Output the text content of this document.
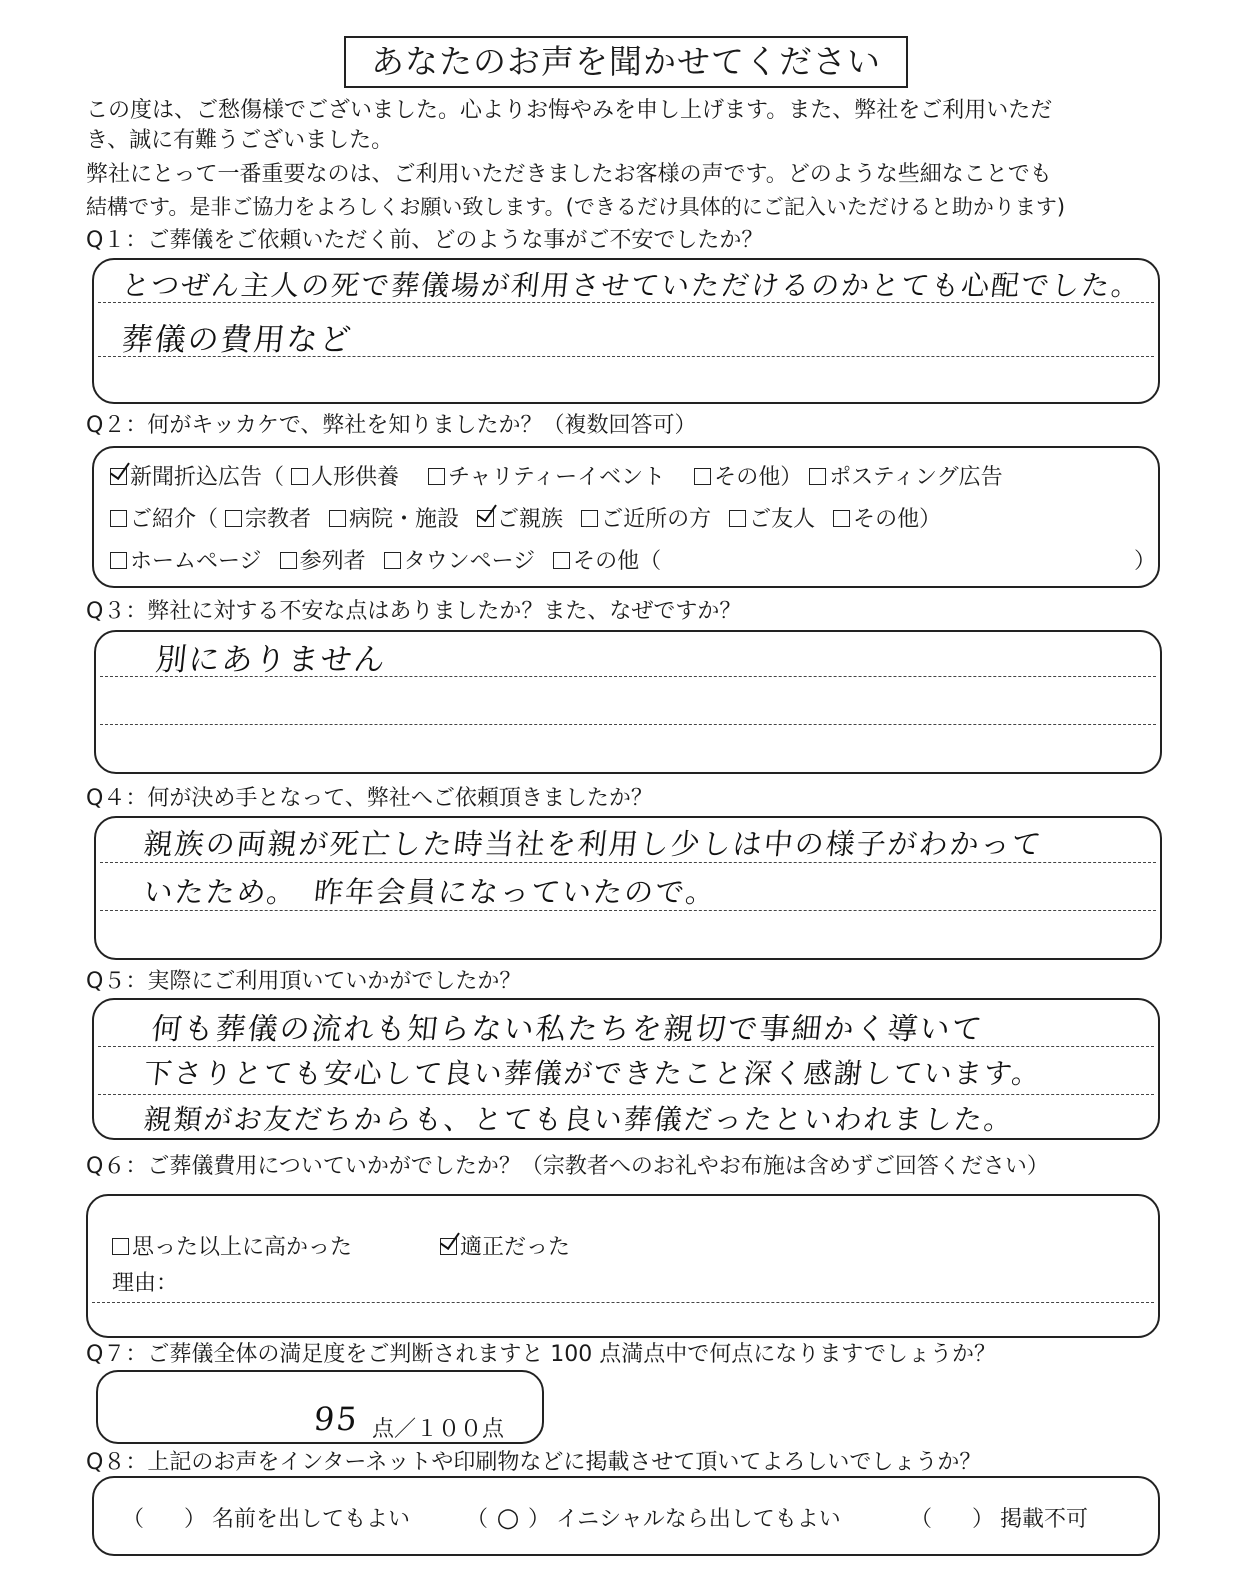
あなたのお声を聞かせてください
この度は、ご愁傷様でございました。心よりお悔やみを申し上げます。また、弊社をご利用いただ
き、誠に有難うございました。
弊社にとって一番重要なのは、ご利用いただきましたお客様の声です。どのような些細なことでも
結構です。是非ご協力をよろしくお願い致します。(できるだけ具体的にご記入いただけると助かります)
Q１：ご葬儀をご依頼いただく前、どのような事がご不安でしたか？
とつぜん主人の死で葬儀場が利用させていただけるのかとても心配でした。
葬儀の費用など
Q２：何がキッカケで、弊社を知りましたか？（複数回答可）
新聞折込広告（ 人形供養  チャリティーイベント  その他） ポスティング広告
ご紹介（ 宗教者  病院・施設  ご親族  ご近所の方  ご友人  その他）
ホームページ  参列者  タウンページ  その他（	）
Q３：弊社に対する不安な点はありましたか？また、なぜですか？
別にありません
Q４：何が決め手となって、弊社へご依頼頂きましたか？
親族の両親が死亡した時当社を利用し少しは中の様子がわかって
いたため。　昨年会員になっていたので。
Q５：実際にご利用頂いていかがでしたか？
何も葬儀の流れも知らない私たちを親切で事細かく導いて
下さりとても安心して良い葬儀ができたこと深く感謝しています。
親類がお友だちからも、とても良い葬儀だったといわれました。
Q６：ご葬儀費用についていかがでしたか？（宗教者へのお礼やお布施は含めずご回答ください）
思った以上に高かった	適正だった
理由：
Q７：ご葬儀全体の満足度をご判断されますと 100 点満点中で何点になりますでしょうか？
95 点／１００点
Q８：上記のお声をインターネットや印刷物などに掲載させて頂いてよろしいでしょうか？
（ ） 名前を出してもよい	（ ○ ） イニシャルなら出してもよい	（ ） 掲載不可
